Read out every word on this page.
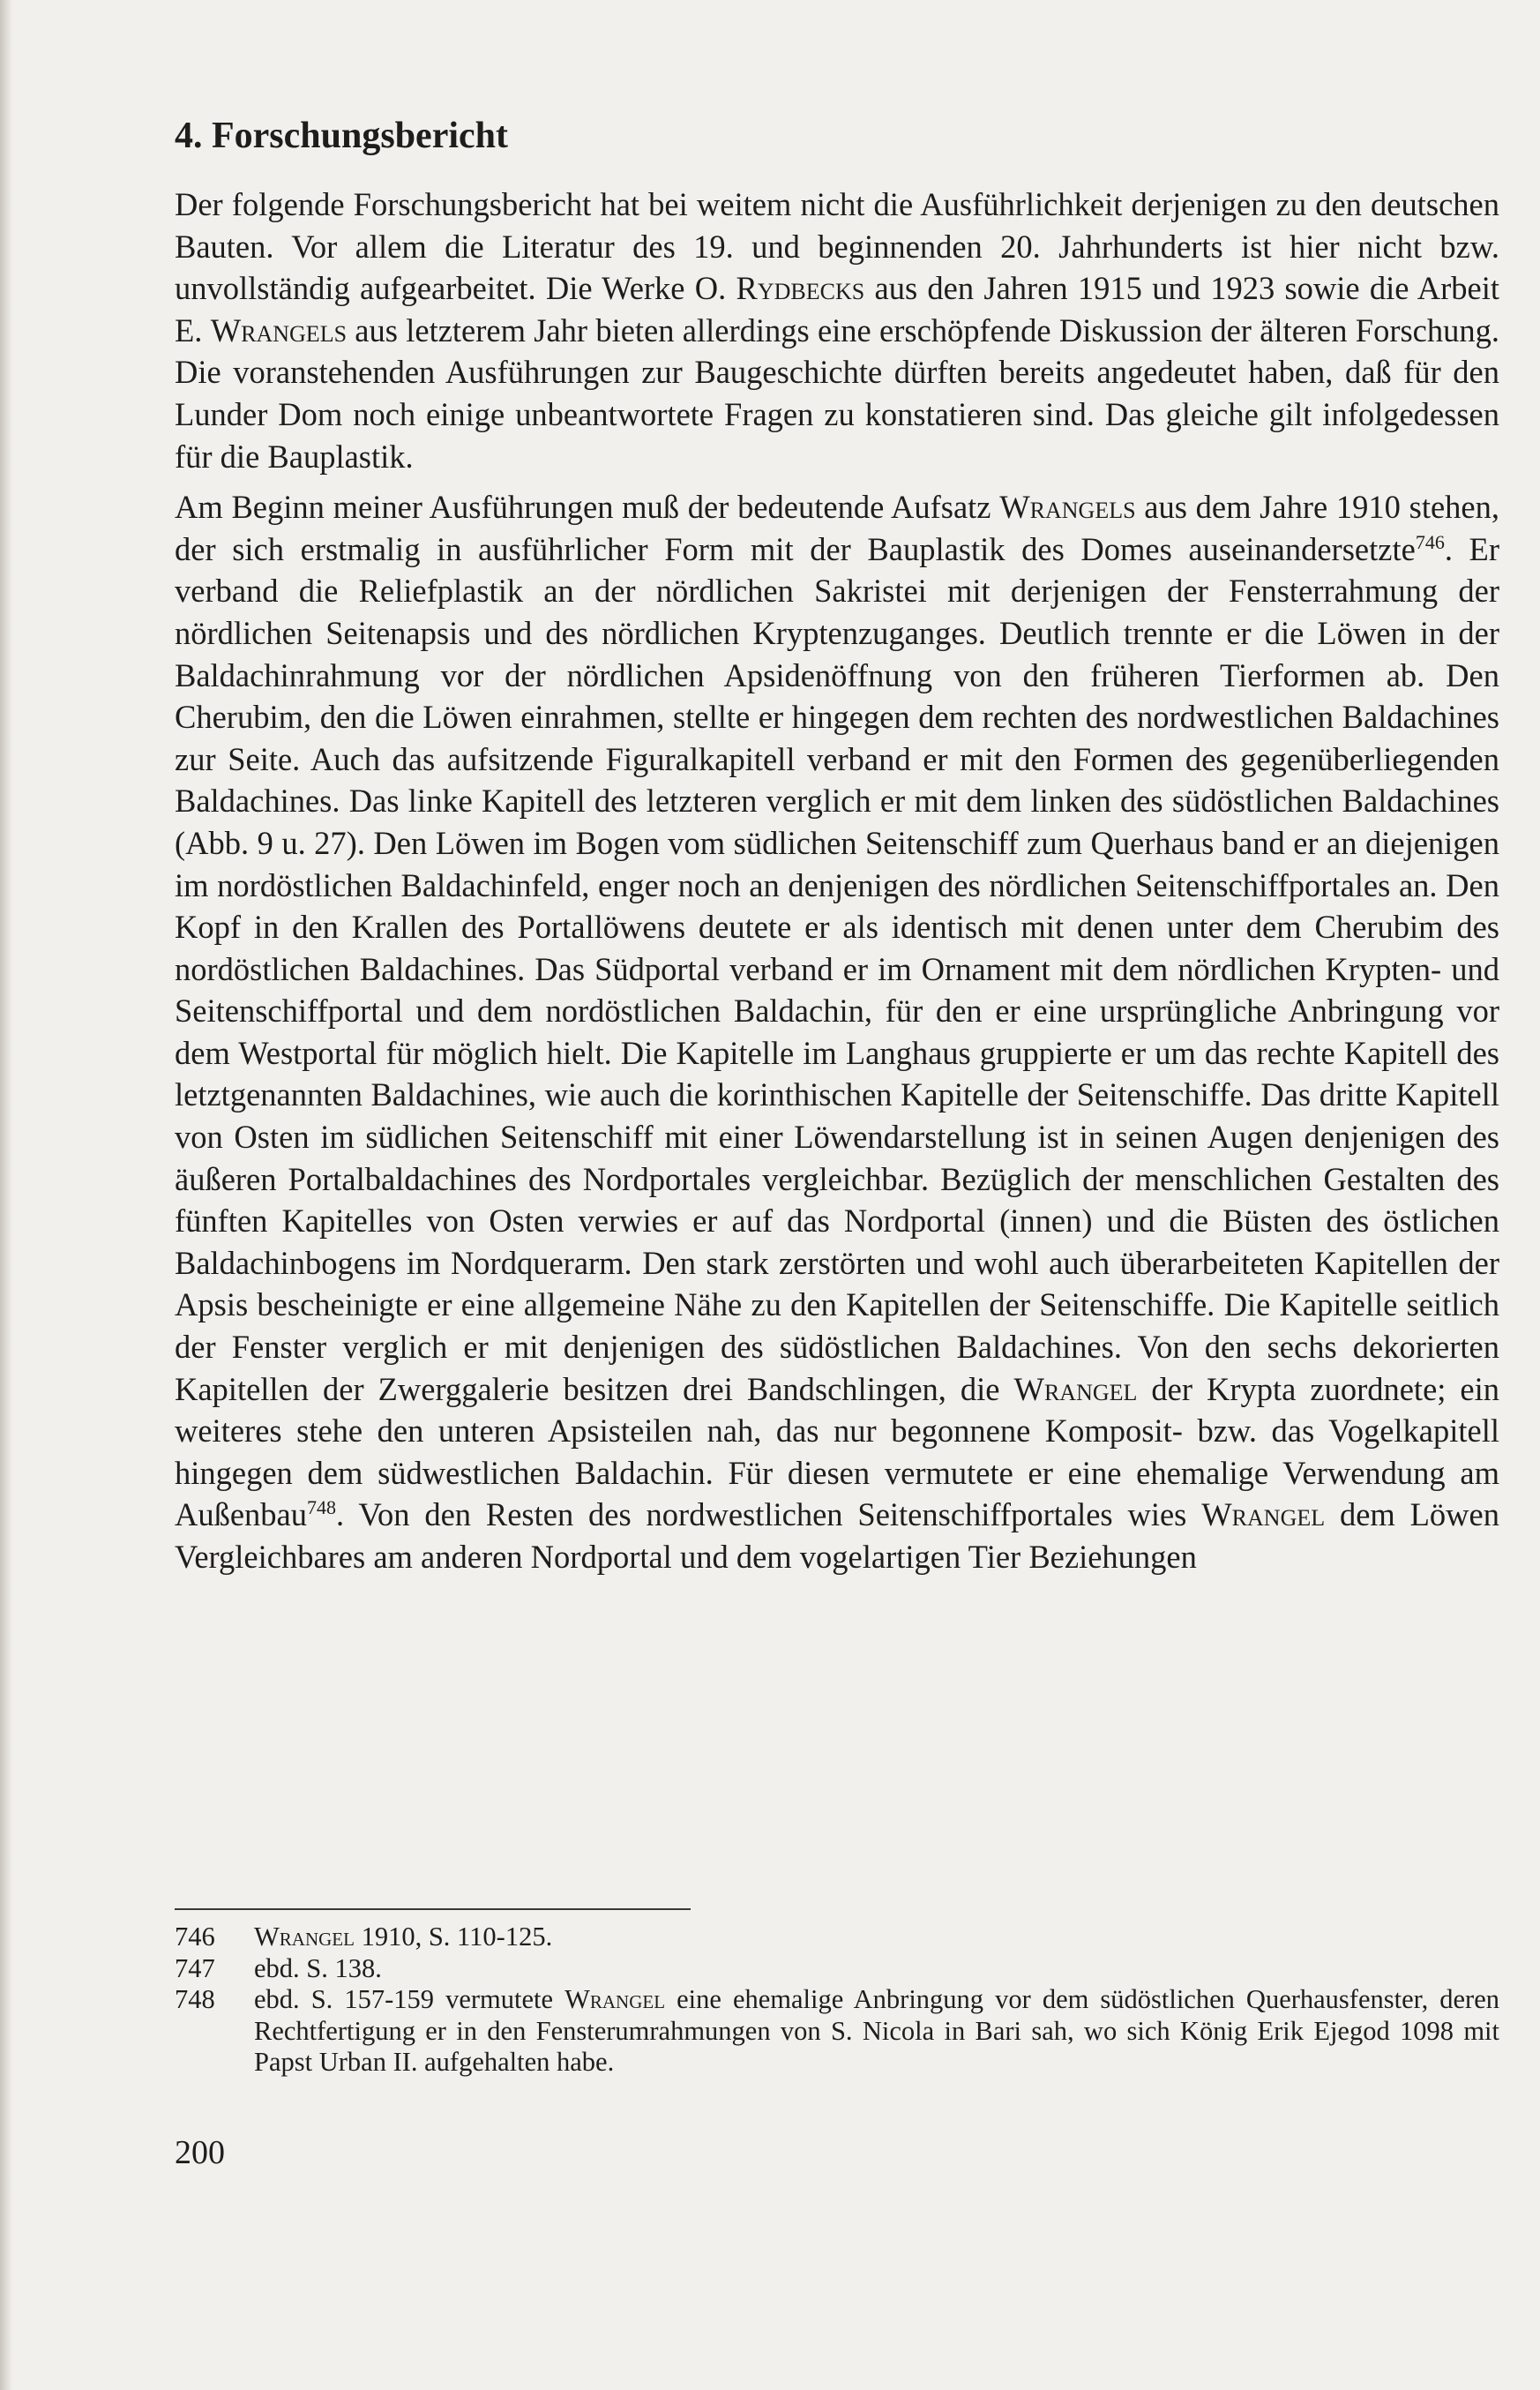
4. Forschungsbericht

Der folgende Forschungsbericht hat bei weitem nicht die Ausführlichkeit derjenigen zu den deutschen Bauten. Vor allem die Literatur des 19. und beginnenden 20. Jahrhunderts ist hier nicht bzw. unvollständig aufgearbeitet. Die Werke O. Rydbecks aus den Jahren 1915 und 1923 sowie die Arbeit E. Wrangels aus letzterem Jahr bieten allerdings eine erschöpfende Diskussion der älteren Forschung. Die voranstehenden Ausführungen zur Baugeschichte dürften bereits angedeutet haben, daß für den Lunder Dom noch einige unbeantwortete Fragen zu konstatieren sind. Das gleiche gilt infolgedessen für die Bauplastik.

Am Beginn meiner Ausführungen muß der bedeutende Aufsatz Wrangels aus dem Jahre 1910 stehen, der sich erstmalig in ausführlicher Form mit der Bauplastik des Domes auseinandersetzte$^{746}$. Er verband die Reliefplastik an der nördlichen Sakristei mit derjenigen der Fensterrahmung der nördlichen Seitenapsis und des nördlichen Kryptenzuganges. Deutlich trennte er die Löwen in der Baldachinrahmung vor der nördlichen Apsidenöffnung von den früheren Tierformen ab. Den Cherubim, den die Löwen einrahmen, stellte er hingegen dem rechten des nordwestlichen Baldachines zur Seite. Auch das aufsitzende Figuralkapitell verband er mit den Formen des gegenüberliegenden Baldachines. Das linke Kapitell des letzteren verglich er mit dem linken des südöstlichen Baldachines (Abb. 9 u. 27). Den Löwen im Bogen vom südlichen Seitenschiff zum Querhaus band er an diejenigen im nordöstlichen Baldachinfeld, enger noch an denjenigen des nördlichen Seitenschiffportales an. Den Kopf in den Krallen des Portallöwens deutete er als identisch mit denen unter dem Cherubim des nordöstlichen Baldachines. Das Südportal verband er im Ornament mit dem nördlichen Krypten- und Seitenschiffportal und dem nordöstlichen Baldachin, für den er eine ursprüngliche Anbringung vor dem Westportal für möglich hielt. Die Kapitelle im Langhaus gruppierte er um das rechte Kapitell des letztgenannten Baldachines, wie auch die korinthischen Kapitelle der Seitenschiffe. Das dritte Kapitell von Osten im südlichen Seitenschiff mit einer Löwendarstellung ist in seinen Augen denjenigen des äußeren Portalbaldachines des Nordportales vergleichbar. Bezüglich der menschlichen Gestalten des fünften Kapitelles von Osten verwies er auf das Nordportal (innen) und die Büsten des östlichen Baldachinbogens im Nordquerarm. Den stark zerstörten und wohl auch überarbeiteten Kapitellen der Apsis bescheinigte er eine allgemeine Nähe zu den Kapitellen der Seitenschiffe. Die Kapitelle seitlich der Fenster verglich er mit denjenigen des südöstlichen Baldachines. Von den sechs dekorierten Kapitellen der Zwerggalerie besitzen drei Bandschlingen, die Wrangel der Krypta zuordnete; ein weiteres stehe den unteren Apsisteilen nah, das nur begonnene Komposit- bzw. das Vogelkapitell hingegen dem südwestlichen Baldachin. Für diesen vermutete er eine ehemalige Verwendung am Außenbau$^{748}$. Von den Resten des nordwestlichen Seitenschiffportales wies Wrangel dem Löwen Vergleichbares am anderen Nordportal und dem vogelartigen Tier Beziehungen

746	Wrangel 1910, S. 110-125.
747	ebd. S. 138.
748	ebd. S. 157-159 vermutete Wrangel eine ehemalige Anbringung vor dem südöstlichen Querhausfenster, deren Rechtfertigung er in den Fensterumrahmungen von S. Nicola in Bari sah, wo sich König Erik Ejegod 1098 mit Papst Urban II. aufgehalten habe.
200
